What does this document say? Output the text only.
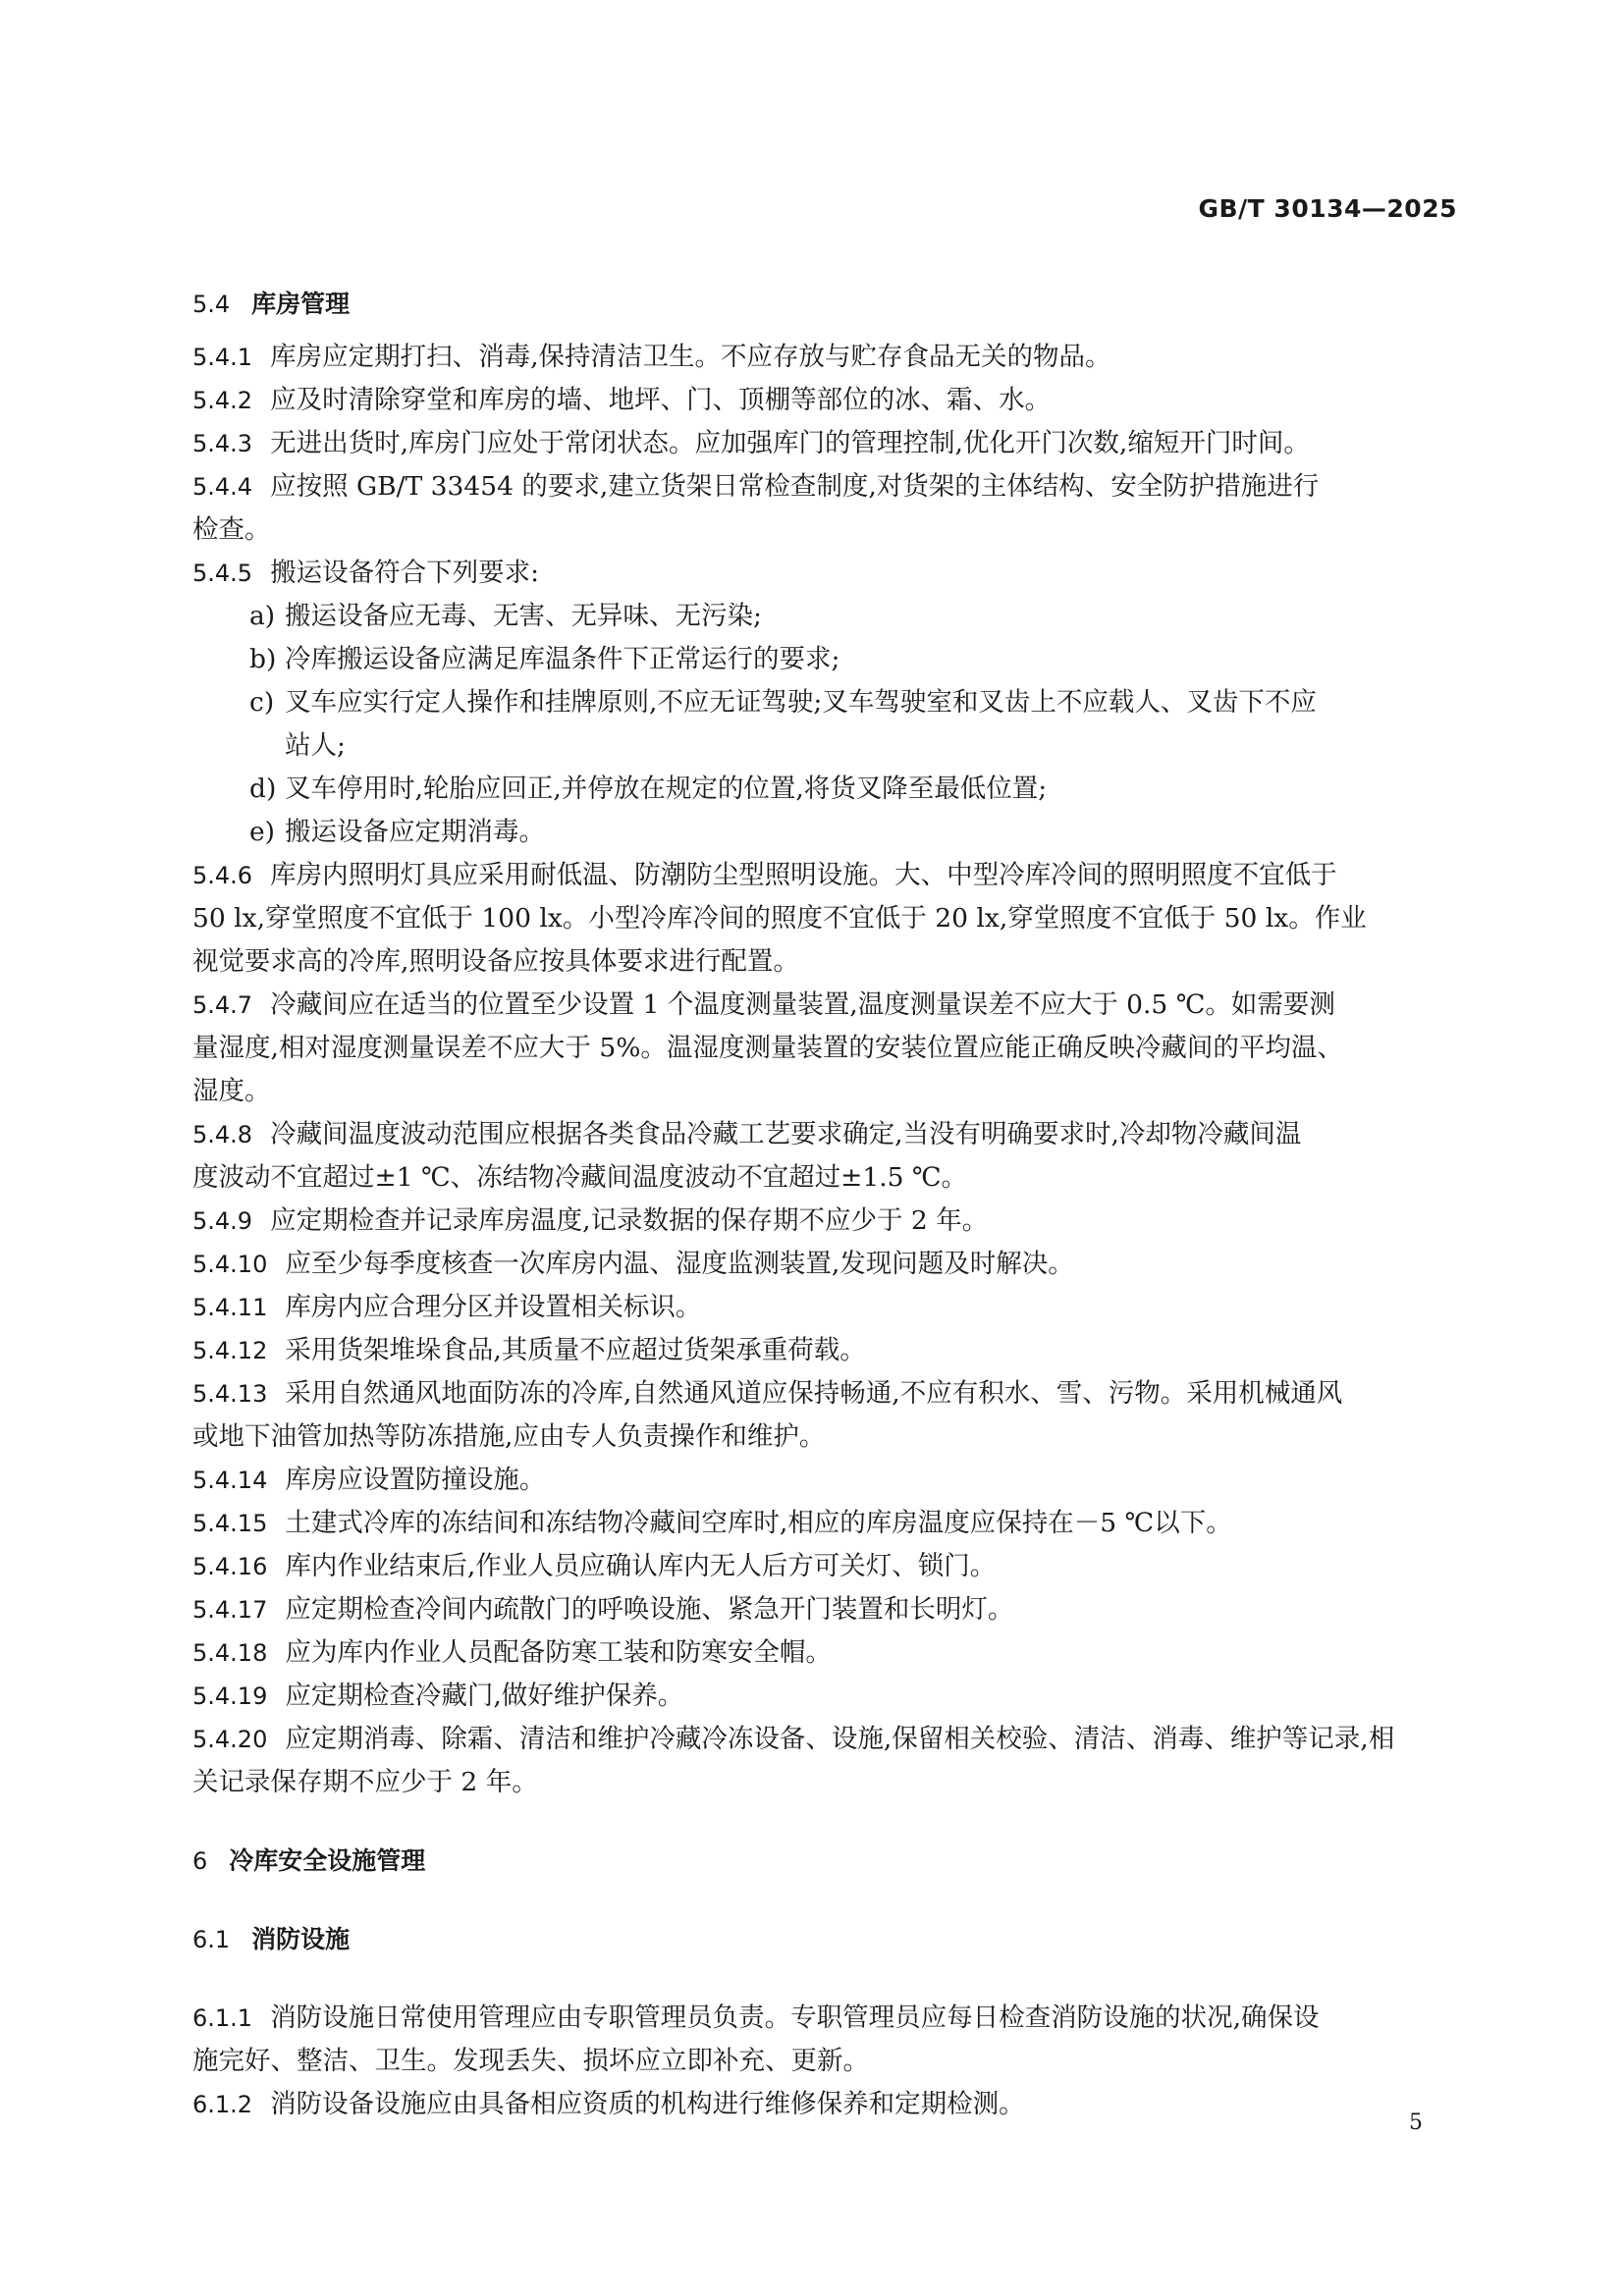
GB/T 30134—2025
5.4 库房管理
5.4.1 库房应定期打扫、消毒,保持清洁卫生。不应存放与贮存食品无关的物品。
5.4.2 应及时清除穿堂和库房的墙、地坪、门、顶棚等部位的冰、霜、水。
5.4.3 无进出货时,库房门应处于常闭状态。应加强库门的管理控制,优化开门次数,缩短开门时间。
5.4.4 应按照 GB/T 33454 的要求,建立货架日常检查制度,对货架的主体结构、安全防护措施进行
检查。
5.4.5 搬运设备符合下列要求:
a) 搬运设备应无毒、无害、无异味、无污染;
b) 冷库搬运设备应满足库温条件下正常运行的要求;
c) 叉车应实行定人操作和挂牌原则,不应无证驾驶;叉车驾驶室和叉齿上不应载人、叉齿下不应
站人;
d) 叉车停用时,轮胎应回正,并停放在规定的位置,将货叉降至最低位置;
e) 搬运设备应定期消毒。
5.4.6 库房内照明灯具应采用耐低温、防潮防尘型照明设施。大、中型冷库冷间的照明照度不宜低于
50 lx,穿堂照度不宜低于 100 lx。小型冷库冷间的照度不宜低于 20 lx,穿堂照度不宜低于 50 lx。作业
视觉要求高的冷库,照明设备应按具体要求进行配置。
5.4.7 冷藏间应在适当的位置至少设置 1 个温度测量装置,温度测量误差不应大于 0.5 ℃。如需要测
量湿度,相对湿度测量误差不应大于 5%。温湿度测量装置的安装位置应能正确反映冷藏间的平均温、
湿度。
5.4.8 冷藏间温度波动范围应根据各类食品冷藏工艺要求确定,当没有明确要求时,冷却物冷藏间温
度波动不宜超过±1 ℃、冻结物冷藏间温度波动不宜超过±1.5 ℃。
5.4.9 应定期检查并记录库房温度,记录数据的保存期不应少于 2 年。
5.4.10 应至少每季度核查一次库房内温、湿度监测装置,发现问题及时解决。
5.4.11 库房内应合理分区并设置相关标识。
5.4.12 采用货架堆垛食品,其质量不应超过货架承重荷载。
5.4.13 采用自然通风地面防冻的冷库,自然通风道应保持畅通,不应有积水、雪、污物。采用机械通风
或地下油管加热等防冻措施,应由专人负责操作和维护。
5.4.14 库房应设置防撞设施。
5.4.15 土建式冷库的冻结间和冻结物冷藏间空库时,相应的库房温度应保持在－5 ℃以下。
5.4.16 库内作业结束后,作业人员应确认库内无人后方可关灯、锁门。
5.4.17 应定期检查冷间内疏散门的呼唤设施、紧急开门装置和长明灯。
5.4.18 应为库内作业人员配备防寒工装和防寒安全帽。
5.4.19 应定期检查冷藏门,做好维护保养。
5.4.20 应定期消毒、除霜、清洁和维护冷藏冷冻设备、设施,保留相关校验、清洁、消毒、维护等记录,相
关记录保存期不应少于 2 年。
6 冷库安全设施管理
6.1 消防设施
6.1.1 消防设施日常使用管理应由专职管理员负责。专职管理员应每日检查消防设施的状况,确保设
施完好、整洁、卫生。发现丢失、损坏应立即补充、更新。
6.1.2 消防设备设施应由具备相应资质的机构进行维修保养和定期检测。
5
